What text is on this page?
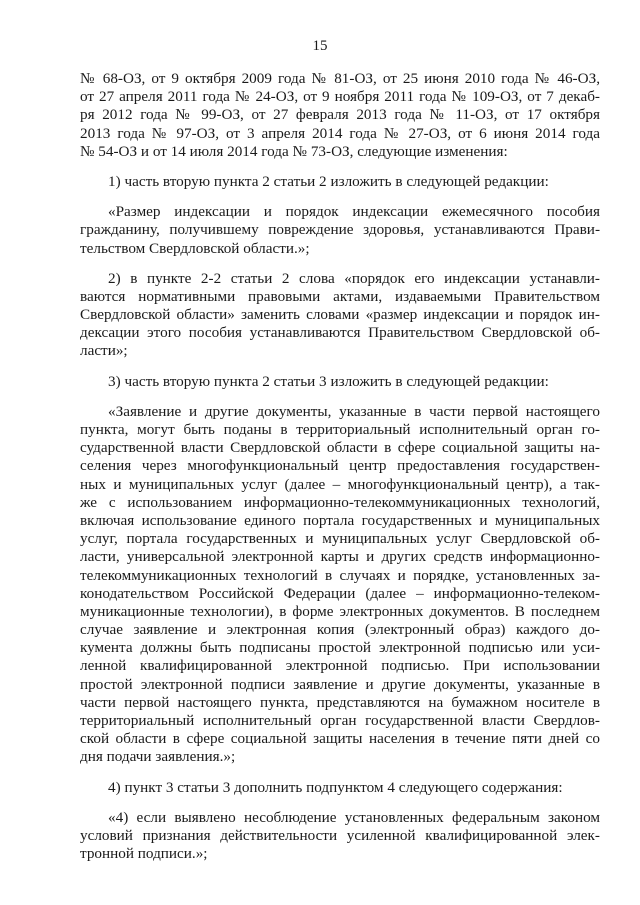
15
№ 68-ОЗ, от 9 октября 2009 года № 81-ОЗ, от 25 июня 2010 года № 46-ОЗ,
от 27 апреля 2011 года № 24-ОЗ, от 9 ноября 2011 года № 109-ОЗ, от 7 декаб-
ря 2012 года № 99-ОЗ, от 27 февраля 2013 года № 11-ОЗ, от 17 октября
2013 года № 97-ОЗ, от 3 апреля 2014 года № 27-ОЗ, от 6 июня 2014 года
№ 54-ОЗ и от 14 июля 2014 года № 73-ОЗ, следующие изменения:
1) часть вторую пункта 2 статьи 2 изложить в следующей редакции:
«Размер индексации и порядок индексации ежемесячного пособия
гражданину, получившему повреждение здоровья, устанавливаются Прави-
тельством Свердловской области.»;
2) в пункте 2-2 статьи 2 слова «порядок его индексации устанавли-
ваются нормативными правовыми актами, издаваемыми Правительством
Свердловской области» заменить словами «размер индексации и порядок ин-
дексации этого пособия устанавливаются Правительством Свердловской об-
ласти»;
3) часть вторую пункта 2 статьи 3 изложить в следующей редакции:
«Заявление и другие документы, указанные в части первой настоящего
пункта, могут быть поданы в территориальный исполнительный орган го-
сударственной власти Свердловской области в сфере социальной защиты на-
селения через многофункциональный центр предоставления государствен-
ных и муниципальных услуг (далее – многофункциональный центр), а так-
же с использованием информационно-телекоммуникационных технологий,
включая использование единого портала государственных и муниципальных
услуг, портала государственных и муниципальных услуг Свердловской об-
ласти, универсальной электронной карты и других средств информационно-
телекоммуникационных технологий в случаях и порядке, установленных за-
конодательством Российской Федерации (далее – информационно-телеком-
муникационные технологии), в форме электронных документов. В последнем
случае заявление и электронная копия (электронный образ) каждого до-
кумента должны быть подписаны простой электронной подписью или уси-
ленной квалифицированной электронной подписью. При использовании
простой электронной подписи заявление и другие документы, указанные в
части первой настоящего пункта, представляются на бумажном носителе в
территориальный исполнительный орган государственной власти Свердлов-
ской области в сфере социальной защиты населения в течение пяти дней со
дня подачи заявления.»;
4) пункт 3 статьи 3 дополнить подпунктом 4 следующего содержания:
«4) если выявлено несоблюдение установленных федеральным законом
условий признания действительности усиленной квалифицированной элек-
тронной подписи.»;
